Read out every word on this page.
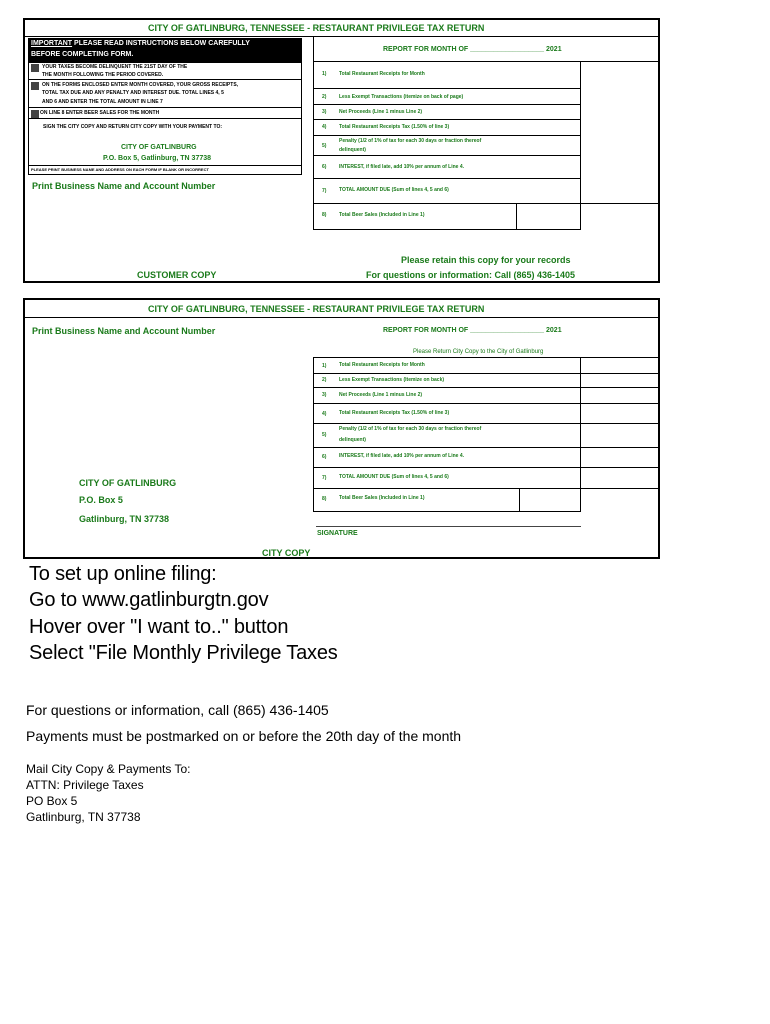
CITY OF GATLINBURG, TENNESSEE - RESTAURANT PRIVILEGE TAX RETURN
IMPORTANT PLEASE READ INSTRUCTIONS BELOW CAREFULLY
BEFORE COMPLETING FORM.
YOUR TAXES BECOME DELINQUENT THE 21ST DAY OF THE
THE MONTH FOLLOWING THE PERIOD COVERED.
ON THE FORMS ENCLOSED ENTER MONTH COVERED, YOUR GROSS RECEIPTS,
TOTAL TAX DUE AND ANY PENALTY AND INTEREST DUE. TOTAL LINES 4, 5
AND 6 AND ENTER THE TOTAL AMOUNT IN LINE 7
ON LINE 8 ENTER BEER SALES FOR THE MONTH
SIGN THE CITY COPY AND RETURN CITY COPY WITH YOUR PAYMENT TO:
CITY OF GATLINBURG
P.O. Box 5, Gatlinburg, TN 37738
PLEASE PRINT BUSINESS NAME AND ADDRESS ON EACH FORM IF BLANK OR INCORRECT
Print Business Name and Account Number
REPORT FOR MONTH OF ___________________ 2021
1)	Total Restaurant Receipts for Month
2)	Less Exempt Transactions (itemize on back of page)
3)	Net Proceeds (Line 1 minus Line 2)
4)	Total Restaurant Receipts Tax (1.50% of line 3)
5)
Penalty (1/2 of 1% of tax for each 30 days or fraction thereof
delinquent)
6)	INTEREST, if filed late, add 10% per annum of Line 4.
7)	TOTAL AMOUNT DUE (Sum of lines 4, 5 and 6)
8)	Total Beer Sales (Included in Line 1)
Please retain this copy for your records
For questions or information: Call (865) 436-1405
CUSTOMER COPY
CITY OF GATLINBURG, TENNESSEE - RESTAURANT PRIVILEGE TAX RETURN
Print Business Name and Account Number	REPORT FOR MONTH OF ___________________ 2021
Please Return City Copy to the City of Gatlinburg
1)	Total Restaurant Receipts for Month
2)	Less Exempt Transactions (Itemize on back)
3)	Net Proceeds (Line 1 minus Line 2)
4)	Total Restaurant Receipts Tax (1.50% of line 3)
5)
Penalty (1/2 of 1% of tax for each 30 days or fraction thereof
delinquent)
6)	INTEREST, if filed late, add 10% per annum of Line 4.
7)	TOTAL AMOUNT DUE (Sum of lines 4, 5 and 6)
8)	Total Beer Sales (Included in Line 1)
CITY OF GATLINBURG
P.O. Box 5
Gatlinburg, TN 37738
SIGNATURE
CITY COPY
To set up online filing:
Go to www.gatlinburgtn.gov
Hover over "I want to.." button
Select "File Monthly Privilege Taxes
For questions or information, call (865) 436-1405
Payments must be postmarked on or before the 20th day of the month
Mail City Copy & Payments To:
ATTN: Privilege Taxes
PO Box 5
Gatlinburg, TN 37738
